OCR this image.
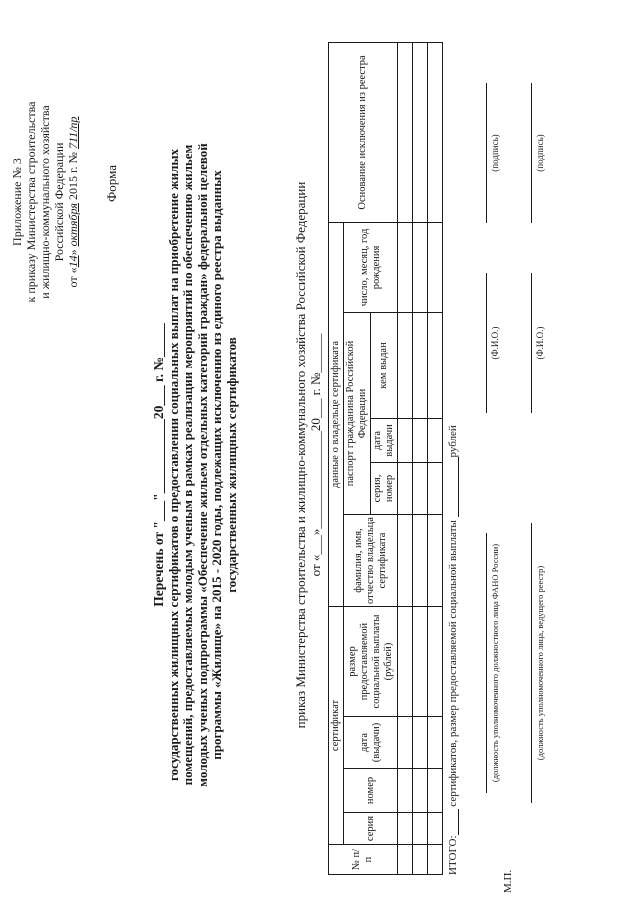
Приложение № 3 к приказу Министерства строительства и жилищно-коммунального хозяйства Российской Федерации
от «14» октября 2015 г. № 711/пр
Форма
Перечень от "___"___________20___ г. №_____ государственных жилищных сертификатов о предоставлении социальных выплат на приобретение жилых помещений, предоставляемых молодым ученым в рамках реализации мероприятий по обеспечению жильем молодых ученых подпрограммы «Обеспечение жильем отдельных категорий граждан» федеральной целевой программы «Жилище» на 2015 - 2020 годы, подлежащих исключению из единого реестра выданных государственных жилищных сертификатов	приказ Министерства строительства и жилищно-коммунального хозяйства Российской Федерации от «___»_______________20___ г. №______
№ п/п	сертификат				данные о владельце сертификата					Основание исключения из реестра
	серия	номер	дата (выдачи)	размер предоставляемой социальной выплаты (рублей)	фамилия, имя, отчество владельца сертификата	паспорт гражданина Российской Федерации			число, месяц, год рождения	
						серия, номер	дата выдачи	кем выдан		

ИТОГО:  сертификатов, размер предоставляемой социальной выплаты  рублей
(должность уполномоченного должностного лица ФАНО России)
(Ф.И.О.)
(подпись)
М.П.
(должность уполномоченного лица, ведущего реестр)
(Ф.И.О.)
(подпись)
